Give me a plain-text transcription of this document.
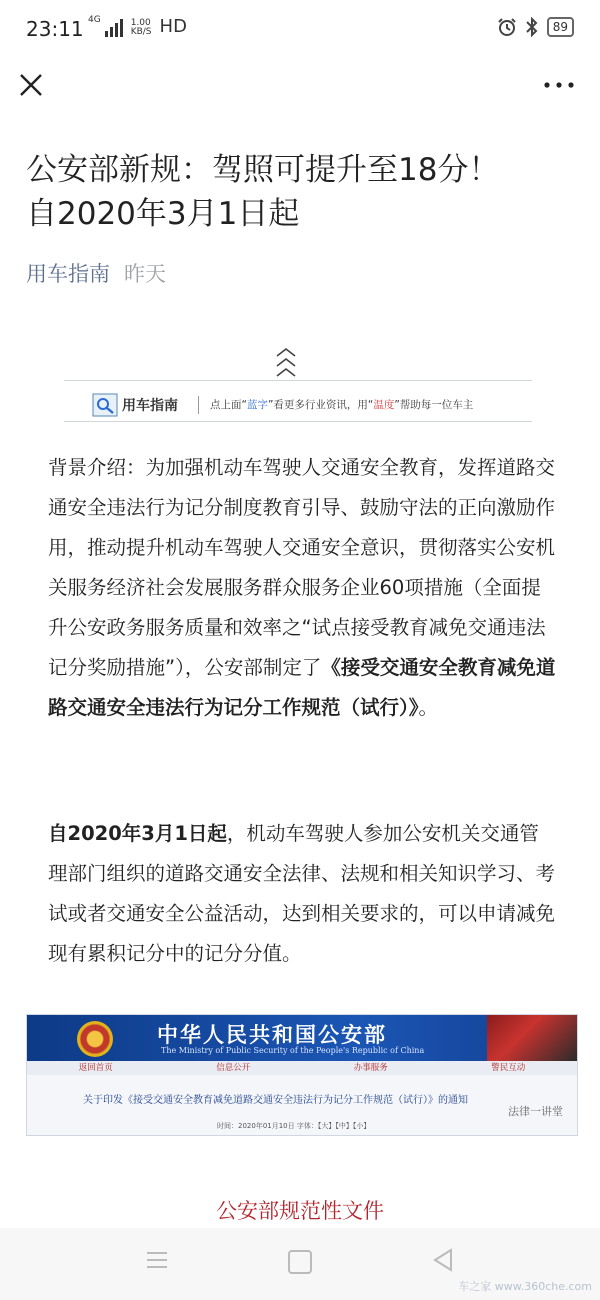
23:11 4G	1.00
KB/S HD	89
公安部新规：驾照可提升至18分！
自2020年3月1日起
用车指南 昨天
用车指南	点上面“蓝字”看更多行业资讯，用“温度”帮助每一位车主

背景介绍：为加强机动车驾驶人交通安全教育，发挥道路交通安全违法行为记分制度教育引导、鼓励守法的正向激励作用，推动提升机动车驾驶人交通安全意识，贯彻落实公安机关服务经济社会发展服务群众服务企业60项措施（全面提升公安政务服务质量和效率之“试点接受教育减免交通违法记分奖励措施”），公安部制定了《接受交通安全教育减免道路交通安全违法行为记分工作规范（试行）》。

自2020年3月1日起，机动车驾驶人参加公安机关交通管理部门组织的道路交通安全法律、法规和相关知识学习、考试或者交通安全公益活动，达到相关要求的，可以申请减免现有累积记分中的记分分值。

中华人民共和国公安部
The Ministry of Public Security of the People's Republic of China
返回首页	信息公开	办事服务	警民互动
关于印发《接受交通安全教育减免道路交通安全违法行为记分工作规范（试行）》的通知
法律一讲堂
时间：2020年01月10日 字体：【大】【中】【小】
公安部规范性文件
车之家 www.360che.com
